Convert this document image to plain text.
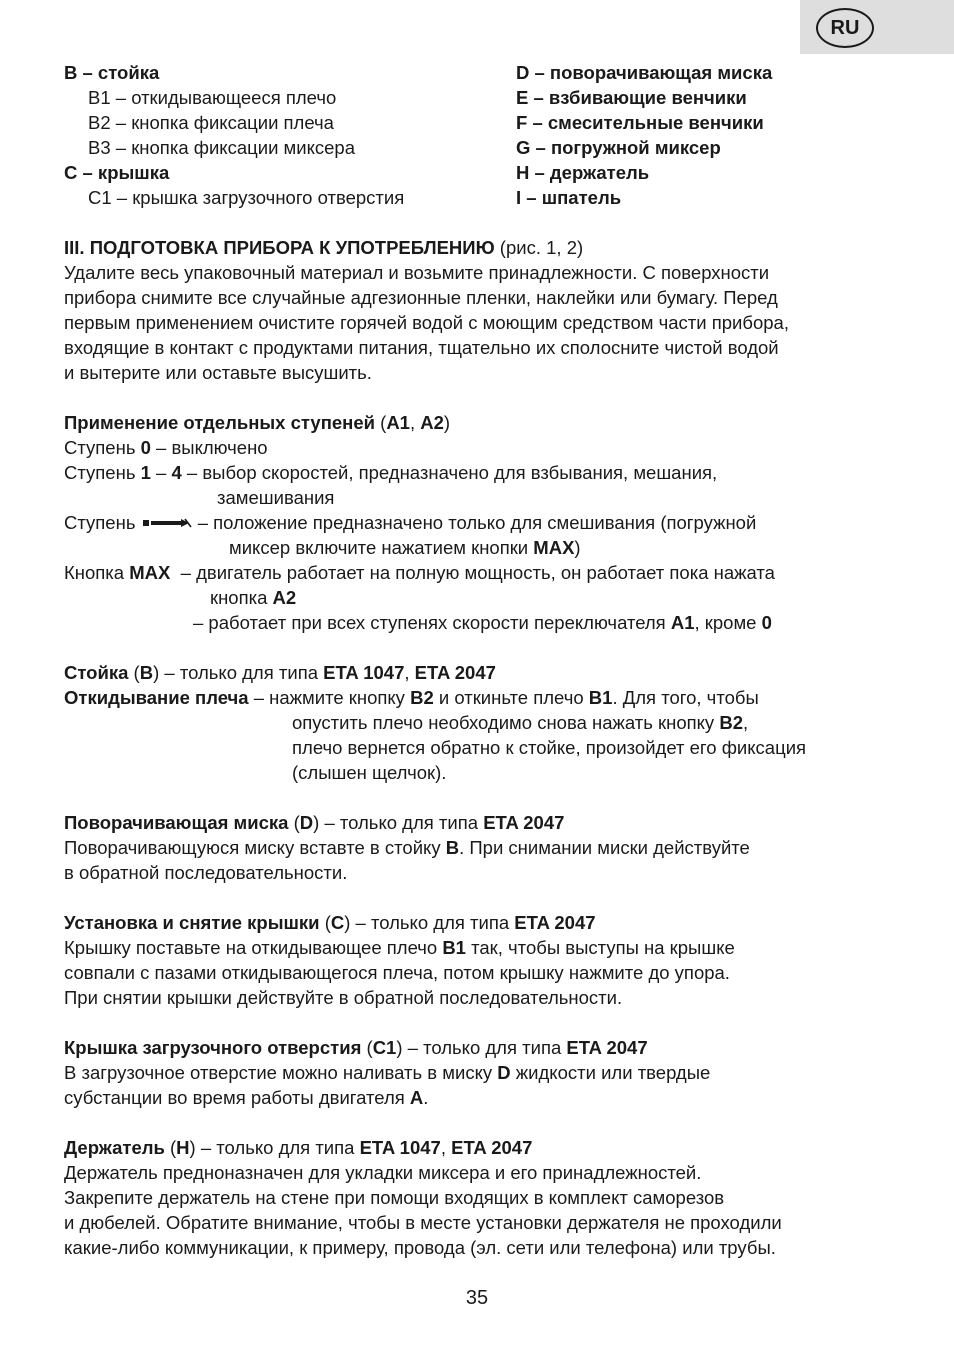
RU
B – стойка
B1 – откидывающееся плечо
B2 – кнопка фиксации плеча
B3 – кнопка фиксации миксера
C – крышка
C1 – крышка загрузочного отверстия
D – поворачивающая миска
E – взбивающие венчики
F – смесительные венчики
G – погружной миксер
H – держатель
I – шпатель
III. ПОДГОТОВКА ПРИБОРА К УПОТРЕБЛЕНИЮ (рис. 1, 2)
Удалите весь упаковочный материал и возьмите принадлежности. С поверхности
прибора снимите все случайные адгезионные пленки, наклейки или бумагу. Перед
первым применением очистите горячей водой с моющим средством части прибора,
входящие в контакт с продуктами питания, тщательно их сполосните чистой водой
и вытерите или оставьте высушить.
Применение отдельных ступеней (A1, A2)
Ступень 0 – выключено
Ступень 1 – 4 – выбор скоростей, предназначено для взбывания, мешания,
замешивания
Ступень	– положение предназначено только для смешивания (погружной
миксер включите нажатием кнопки MAX)
Кнопка MAX – двигатель работает на полную мощность, он работает пока нажата
кнопка A2
– работает при всех ступенях скорости переключателя A1, кроме 0
Стойка (B) – только для типа ETA 1047, ETA 2047
Откидывание плеча – нажмите кнопку B2 и откиньте плечо B1. Для того, чтобы
опустить плечо необходимо снова нажать кнопку B2,
плечо вернется обратно к стойке, произойдет его фиксация
(слышен щелчок).
Поворачивающая миска (D) – только для типа ETA 2047
Поворачивающуюся миску вставте в стойку B. При снимании миски действуйте
в обратной последовательности.
Установка и снятие крышки (C) – только для типа ETA 2047
Крышку поставьте на откидывающее плечо B1 так, чтобы выступы на крышке
совпали с пазами откидывающегося плеча, потом крышку нажмите до упора.
При снятии крышки действуйте в обратной последовательности.
Крышка загрузочного отверстия (C1) – только для типа ETA 2047
В загрузочное отверстие можно наливать в миску D жидкости или твердые
субстанции во время работы двигателя A.
Держатель (H) – только для типа ETA 1047, ETA 2047
Держатель предноназначен для укладки миксера и его принадлежностей.
Закрепите держатель на стене при помощи входящих в комплект саморезов
и дюбелей. Обратите внимание, чтобы в месте установки держателя не проходили
какие-либо коммуникации, к примеру, провода (эл. сети или телефона) или трубы.
35
